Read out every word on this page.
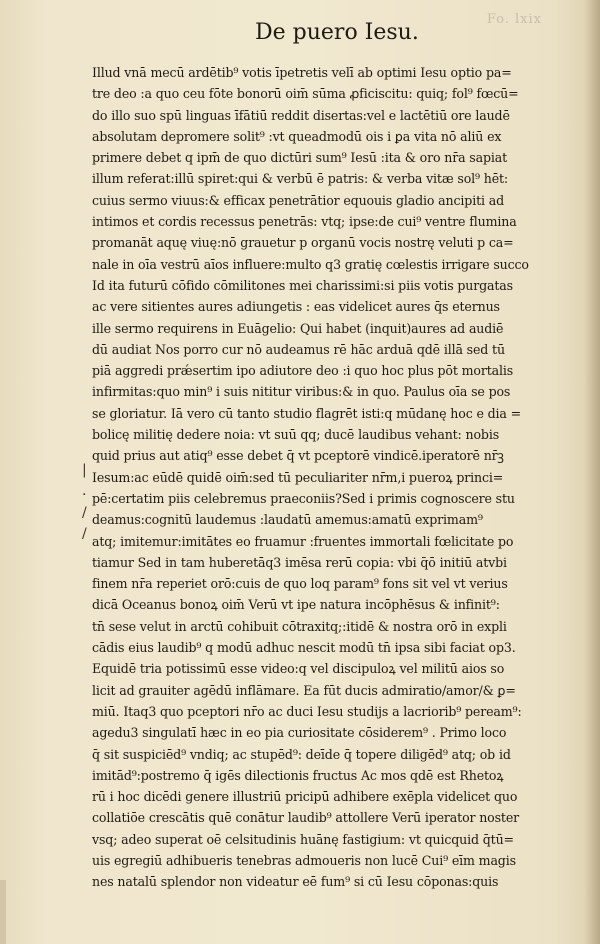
Fo. lxix
De puero Iesu.
|
.
/
/
Illud vnā mecū ardētib⁹ votis īpetretis velī ab optimi Iesu optio pa=
tre deo :a quo ceu fōte bonorū oim̄ sūma ꝓficiscitu: quiq; fol⁹ fœcū=
do illo suo spū linguas īfātiū reddit disertas:vel e lactētiū ore laudē
absolutam depromere solit⁹ :vt queadmodū ois i ꝑa vita nō aliū ex
primere debet q ipm̄ de quo dictūri sum⁹ Iesū :ita & oro nr̄a sapiat
illum referat:illū spiret:qui & verbū ē patris: & verba vitæ sol⁹ hēt:
cuius sermo viuus:& efficax penetrātior equouis gladio ancipiti ad
intimos et cordis recessus penetrās: vtq; ipse:de cui⁹ ventre flumina
promanāt aquę viuę:nō grauetur p organū vocis nostrę veluti p ca=
nale in oīa vestrū aīos influere:multo q3 gratię cœlestis irrigare succo
Id ita futurū cōfido cōmilitones mei charissimi:si piis votis purgatas
ac vere sitientes aures adiungetis : eas videlicet aures q̄s eternus
ille sermo requirens in Euāgelio: Qui habet (inquit)aures ad audiē
dū audiat Nos porro cur nō audeamus rē hāc arduā qdē illā sed tū
piā aggredi prǽsertim ipo adiutore deo :i quo hoc plus pōt mortalis
infirmitas:quo min⁹ i suis nititur viribus:& in quo. Paulus oīa se pos
se gloriatur. Iā vero cū tanto studio flagrēt isti:q mūdanę hoc e dia =
bolicę militię dedere noia: vt suū qq; ducē laudibus vehant: nobis
quid prius aut atiq⁹ esse debet q̄ vt pceptorē vindicē.iperatorē nr̄ꝫ
Iesum:ac eūdē quidē oim̄:sed tū peculiariter nr̄m,i pueroꝝ princi=
pē:certatim piis celebremus praeconiis?Sed i primis cognoscere stu
deamus:cognitū laudemus :laudatū amemus:amatū exprimam⁹
atq; imitemur:imitātes eo fruamur :fruentes immortali fœlicitate po
tiamur Sed in tam huberetāq3 imēsa rerū copia: vbi q̄ō initiū atvbi
finem nr̄a reperiet orō:cuis de quo loq param⁹ fons sit vel vt verius
dicā Oceanus bonoꝝ oim̄ Verū vt ipe natura incōphēsus & infinit⁹:
tn̄ sese velut in arctū cohibuit cōtraxitq;:itidē & nostra orō in expli
cādis eius laudib⁹ q modū adhuc nescit modū tn̄ ipsa sibi faciat op3.
Equidē tria potissimū esse video:q vel discipuloꝝ vel militū aios so
licit ad grauiter agēdū inflāmare. Ea fūt ducis admiratio/amor/& ꝑ=
miū. Itaq3 quo pceptori nr̄o ac duci Iesu studijs a lacriorib⁹ peream⁹:
agedu3 singulatī hæc in eo pia curiositate cōsiderem⁹ . Primo loco
q̄ sit suspiciēd⁹ vndiq; ac stupēd⁹: deīde q̄ topere diligēd⁹ atq; ob id
imitād⁹:postremo q̄ igēs dilectionis fructus Ac mos qdē est Rhetoꝝ
rū i hoc dicēdi genere illustriū pricipū adhibere exēpla videlicet quo
collatiōe crescātis quē conātur laudib⁹ attollere Verū iperator noster
vsq; adeo superat oē celsitudinis huānę fastigium: vt quicquid q̄tū=
uis egregiū adhibueris tenebras admoueris non lucē Cui⁹ eīm magis
nes natalū splendor non videatur eē fum⁹ si cū Iesu cōponas:quis
